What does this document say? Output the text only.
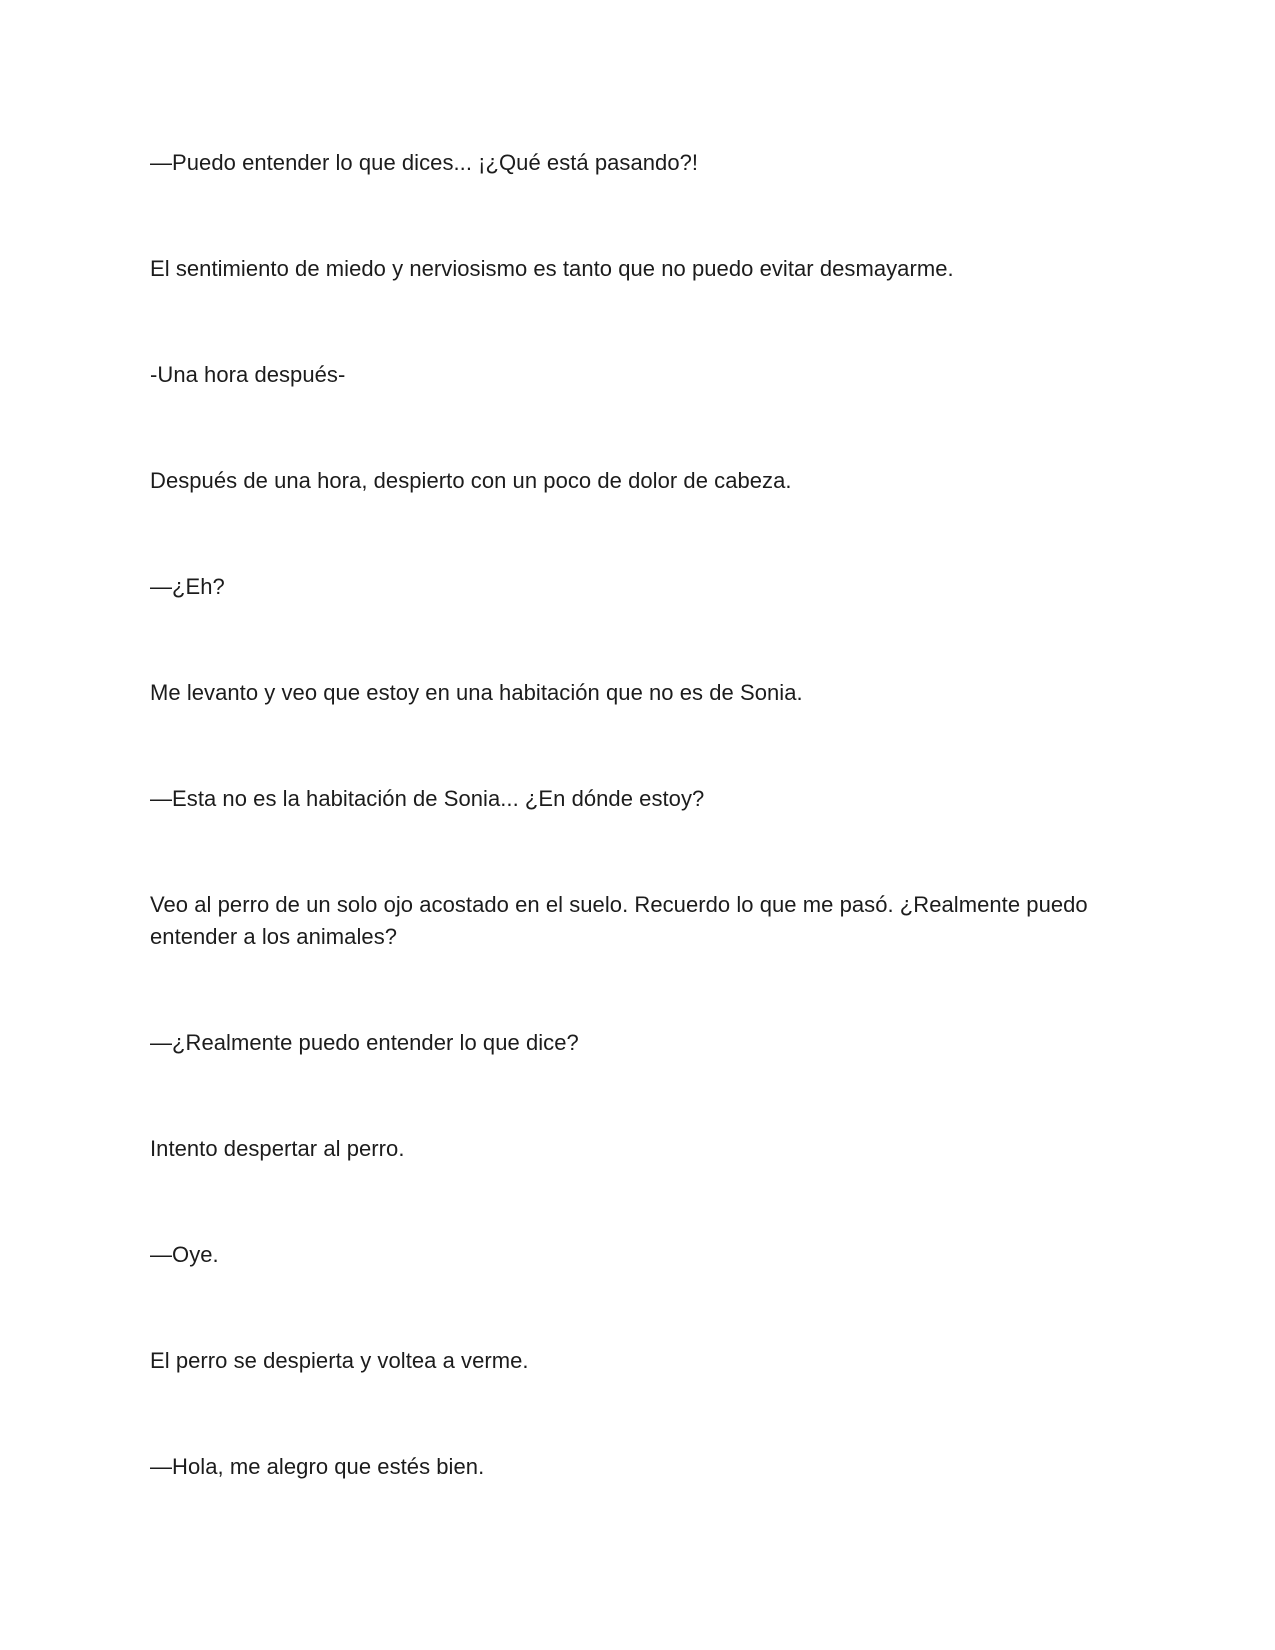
—Puedo entender lo que dices... ¡¿Qué está pasando?!

El sentimiento de miedo y nerviosismo es tanto que no puedo evitar desmayarme.

-Una hora después-

Después de una hora, despierto con un poco de dolor de cabeza.

—¿Eh?

Me levanto y veo que estoy en una habitación que no es de Sonia.

—Esta no es la habitación de Sonia... ¿En dónde estoy?

Veo al perro de un solo ojo acostado en el suelo. Recuerdo lo que me pasó. ¿Realmente puedo entender a los animales?

—¿Realmente puedo entender lo que dice?

Intento despertar al perro.

—Oye.

El perro se despierta y voltea a verme.

—Hola, me alegro que estés bien.
